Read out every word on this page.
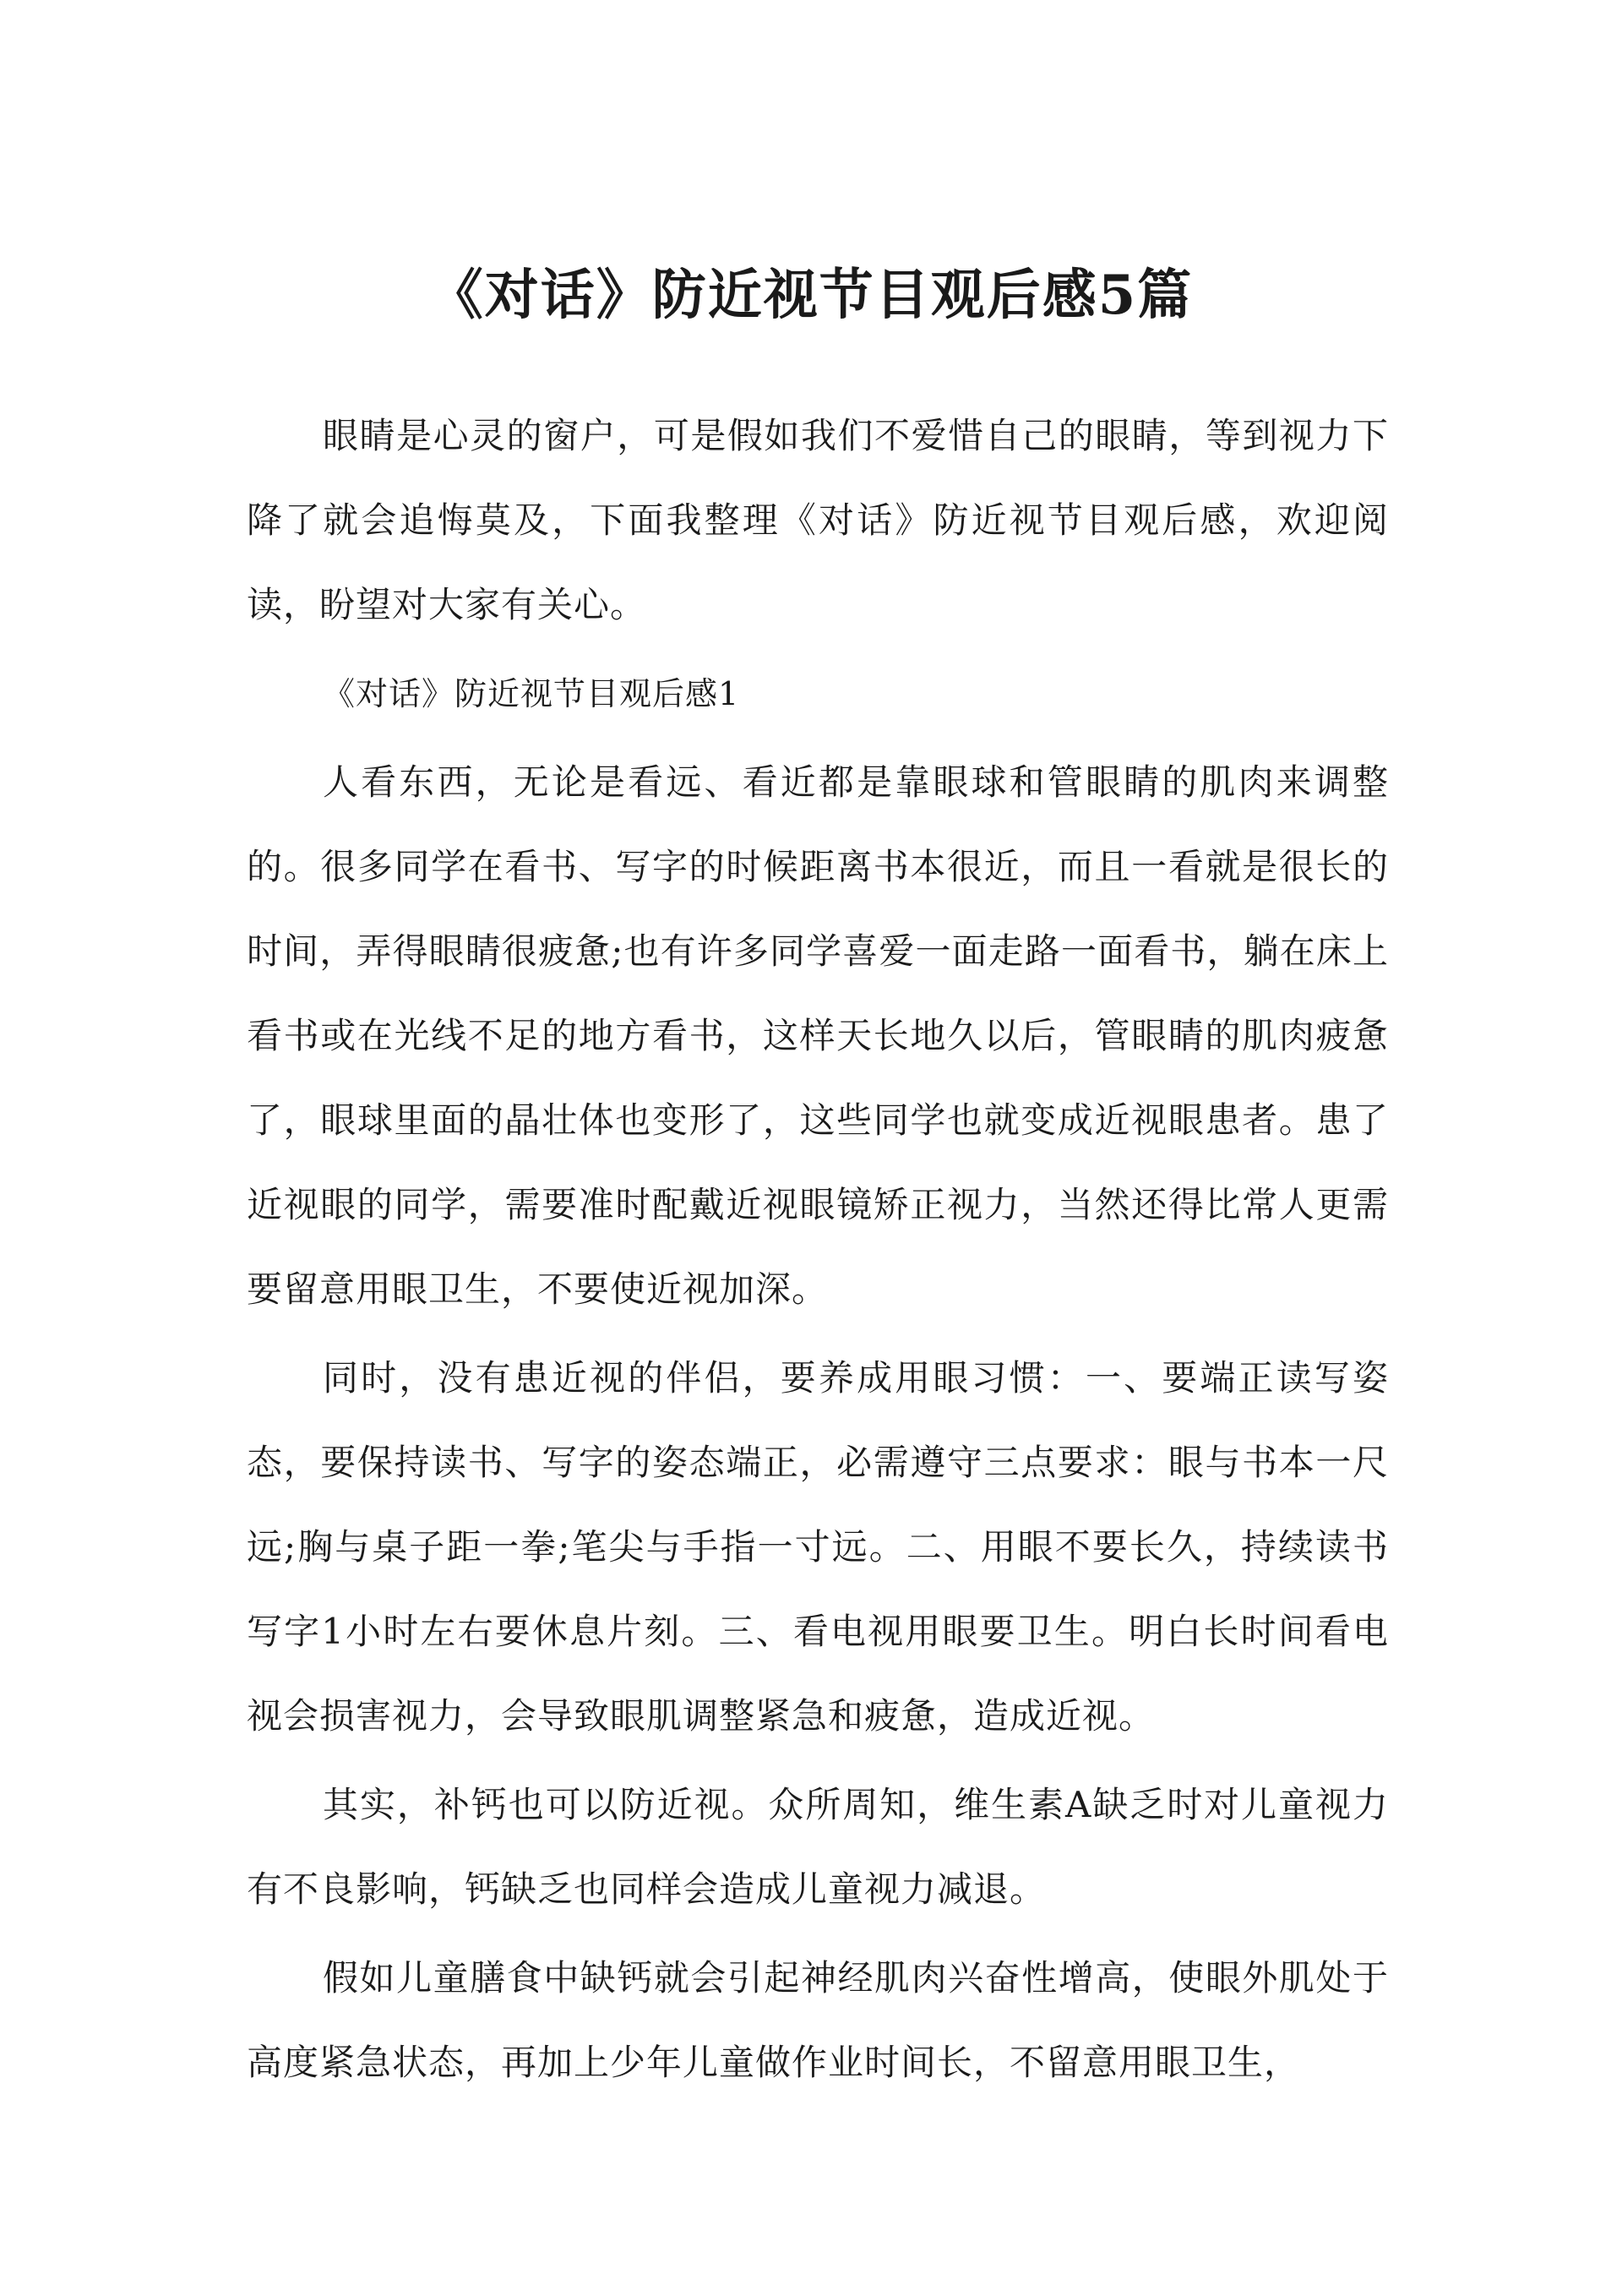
《对话》防近视节目观后感5篇

眼睛是心灵的窗户，可是假如我们不爱惜自己的眼睛，等到视力下降了就会追悔莫及，下面我整理《对话》防近视节目观后感，欢迎阅读，盼望对大家有关心。

《对话》防近视节目观后感1

人看东西，无论是看远、看近都是靠眼球和管眼睛的肌肉来调整的。很多同学在看书、写字的时候距离书本很近，而且一看就是很长的时间，弄得眼睛很疲惫;也有许多同学喜爱一面走路一面看书，躺在床上看书或在光线不足的地方看书，这样天长地久以后，管眼睛的肌肉疲惫了，眼球里面的晶壮体也变形了，这些同学也就变成近视眼患者。患了近视眼的同学，需要准时配戴近视眼镜矫正视力，当然还得比常人更需要留意用眼卫生，不要使近视加深。

同时，没有患近视的伴侣，要养成用眼习惯：一、要端正读写姿态，要保持读书、写字的姿态端正，必需遵守三点要求：眼与书本一尺远;胸与桌子距一拳;笔尖与手指一寸远。二、用眼不要长久，持续读书写字1小时左右要休息片刻。三、看电视用眼要卫生。明白长时间看电视会损害视力，会导致眼肌调整紧急和疲惫，造成近视。

其实，补钙也可以防近视。众所周知，维生素A缺乏时对儿童视力有不良影响，钙缺乏也同样会造成儿童视力减退。

假如儿童膳食中缺钙就会引起神经肌肉兴奋性增高，使眼外肌处于高度紧急状态，再加上少年儿童做作业时间长，不留意用眼卫生，
